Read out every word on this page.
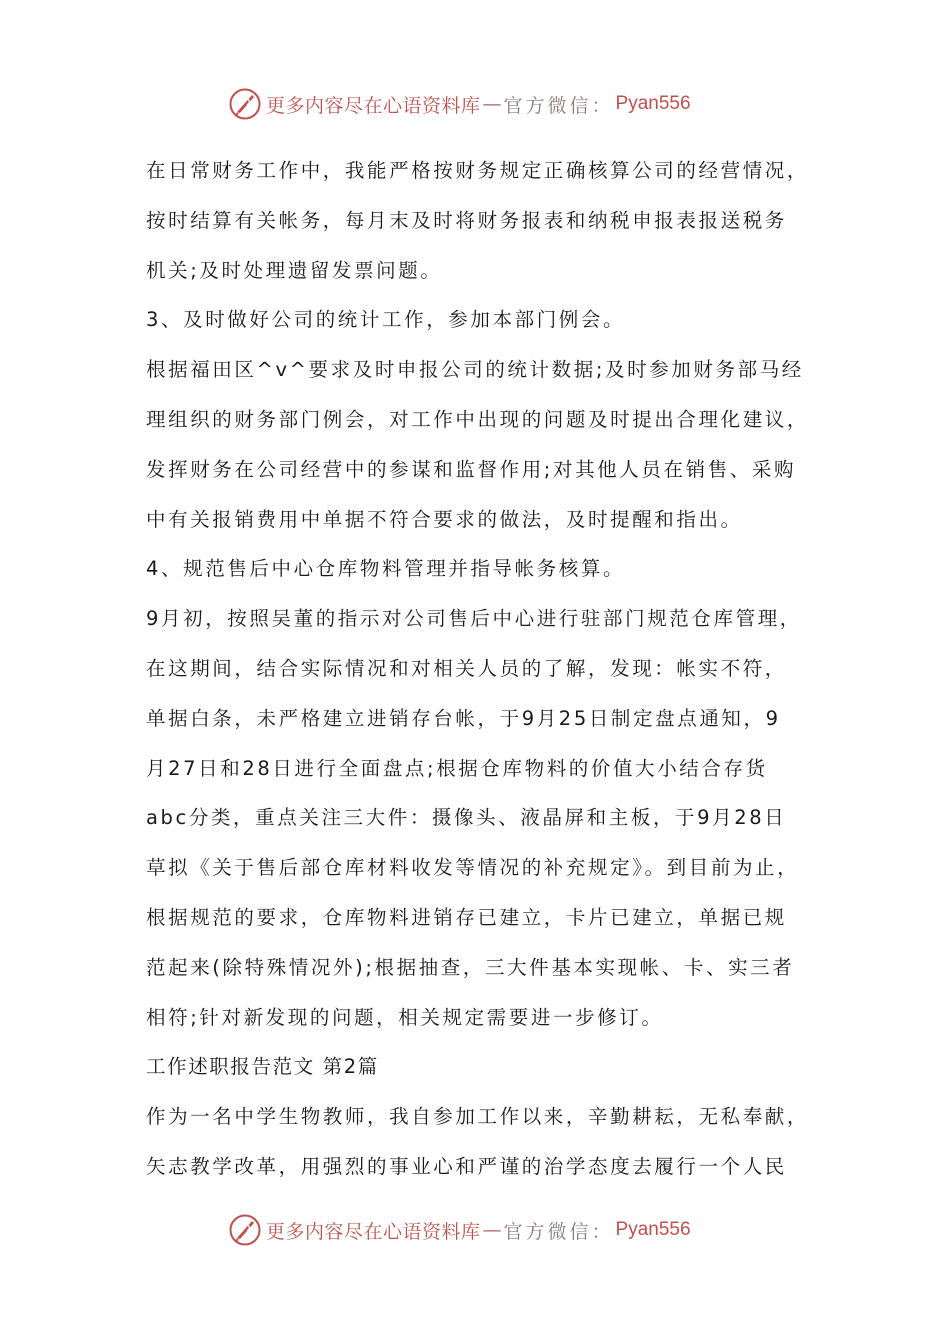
更多内容尽在心语资料库 — 官方微信： Pyan556
在日常财务工作中，我能严格按财务规定正确核算公司的经营情况，
按时结算有关帐务，每月末及时将财务报表和纳税申报表报送税务
机关;及时处理遗留发票问题。
3、及时做好公司的统计工作，参加本部门例会。
根据福田区^v^要求及时申报公司的统计数据;及时参加财务部马经
理组织的财务部门例会，对工作中出现的问题及时提出合理化建议，
发挥财务在公司经营中的参谋和监督作用;对其他人员在销售、采购
中有关报销费用中单据不符合要求的做法，及时提醒和指出。
4、规范售后中心仓库物料管理并指导帐务核算。
9月初，按照吴董的指示对公司售后中心进行驻部门规范仓库管理，
在这期间，结合实际情况和对相关人员的了解，发现：帐实不符，
单据白条，未严格建立进销存台帐，于9月25日制定盘点通知，9
月27日和28日进行全面盘点;根据仓库物料的价值大小结合存货
abc分类，重点关注三大件：摄像头、液晶屏和主板，于9月28日
草拟《关于售后部仓库材料收发等情况的补充规定》。到目前为止，
根据规范的要求，仓库物料进销存已建立，卡片已建立，单据已规
范起来(除特殊情况外);根据抽查，三大件基本实现帐、卡、实三者
相符;针对新发现的问题，相关规定需要进一步修订。
工作述职报告范文 第2篇
作为一名中学生物教师，我自参加工作以来，辛勤耕耘，无私奉献，
矢志教学改革，用强烈的事业心和严谨的治学态度去履行一个人民
更多内容尽在心语资料库 — 官方微信： Pyan556
